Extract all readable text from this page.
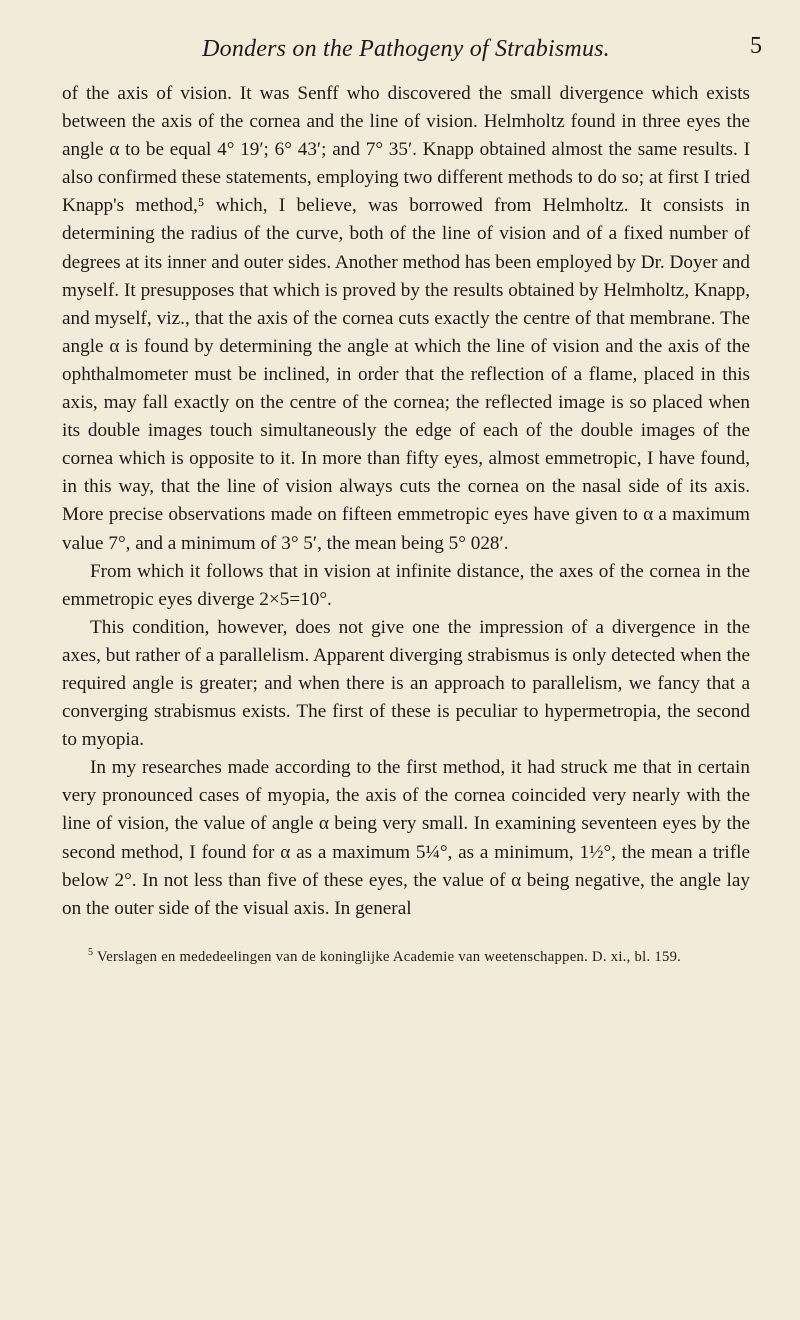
Donders on the Pathogeny of Strabismus.	5

of the axis of vision. It was Senff who discovered the small divergence which exists between the axis of the cornea and the line of vision. Helmholtz found in three eyes the angle α to be equal 4° 19′; 6° 43′; and 7° 35′. Knapp obtained almost the same results. I also confirmed these statements, employing two different methods to do so; at first I tried Knapp's method,⁵ which, I believe, was borrowed from Helmholtz. It consists in determining the radius of the curve, both of the line of vision and of a fixed number of degrees at its inner and outer sides. Another method has been employed by Dr. Doyer and myself. It presupposes that which is proved by the results obtained by Helmholtz, Knapp, and myself, viz., that the axis of the cornea cuts exactly the centre of that membrane. The angle α is found by determining the angle at which the line of vision and the axis of the ophthalmometer must be inclined, in order that the reflection of a flame, placed in this axis, may fall exactly on the centre of the cornea; the reflected image is so placed when its double images touch simultaneously the edge of each of the double images of the cornea which is opposite to it. In more than fifty eyes, almost emmetropic, I have found, in this way, that the line of vision always cuts the cornea on the nasal side of its axis. More precise observations made on fifteen emmetropic eyes have given to α a maximum value 7°, and a minimum of 3° 5′, the mean being 5° 028′.

From which it follows that in vision at infinite distance, the axes of the cornea in the emmetropic eyes diverge 2×5=10°.

This condition, however, does not give one the impression of a divergence in the axes, but rather of a parallelism. Apparent diverging strabismus is only detected when the required angle is greater; and when there is an approach to parallelism, we fancy that a converging strabismus exists. The first of these is peculiar to hypermetropia, the second to myopia.

In my researches made according to the first method, it had struck me that in certain very pronounced cases of myopia, the axis of the cornea coincided very nearly with the line of vision, the value of angle α being very small. In examining seventeen eyes by the second method, I found for α as a maximum 5¼°, as a minimum, 1½°, the mean a trifle below 2°. In not less than five of these eyes, the value of α being negative, the angle lay on the outer side of the visual axis. In general

$^5$ Verslagen en mededeelingen van de koninglijke Academie van weetenschappen. D. xi., bl. 159.
